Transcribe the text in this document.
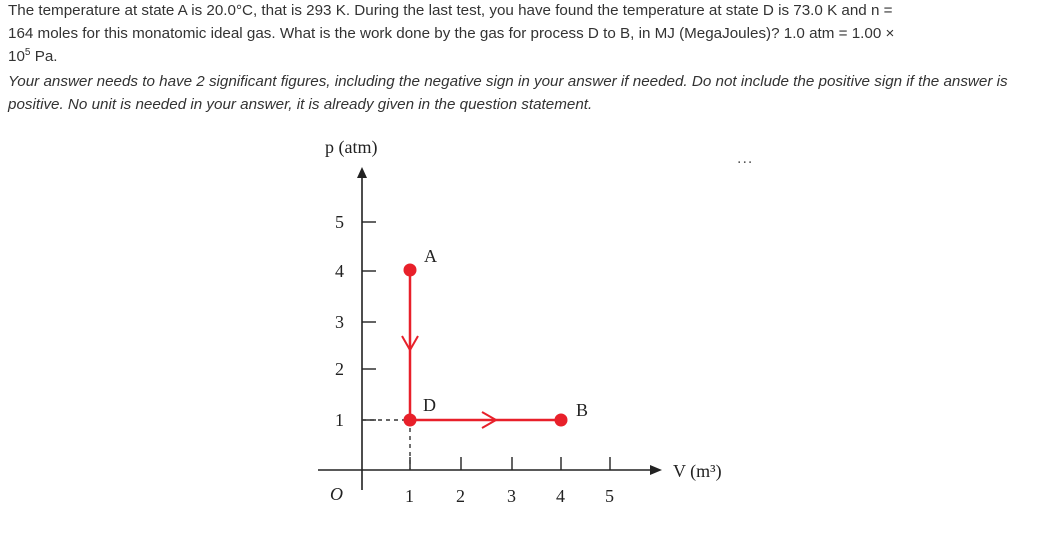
The temperature at state A is 20.0°C, that is 293 K. During the last test, you have found the temperature at state D is 73.0 K and n =

164 moles for this monatomic ideal gas. What is the work done by the gas for process D to B, in MJ (MegaJoules)? 1.0 atm = 1.00 ×

$10^5$ Pa.

Your answer needs to have 2 significant figures, including the negative sign in your answer if needed. Do not include the positive sign if the answer is positive. No unit is needed in your answer, it is already given in the question statement.

...
1
2
3
4
5
1 2 3 4 5
p (atm)
V (m³)
O
A
D	B
